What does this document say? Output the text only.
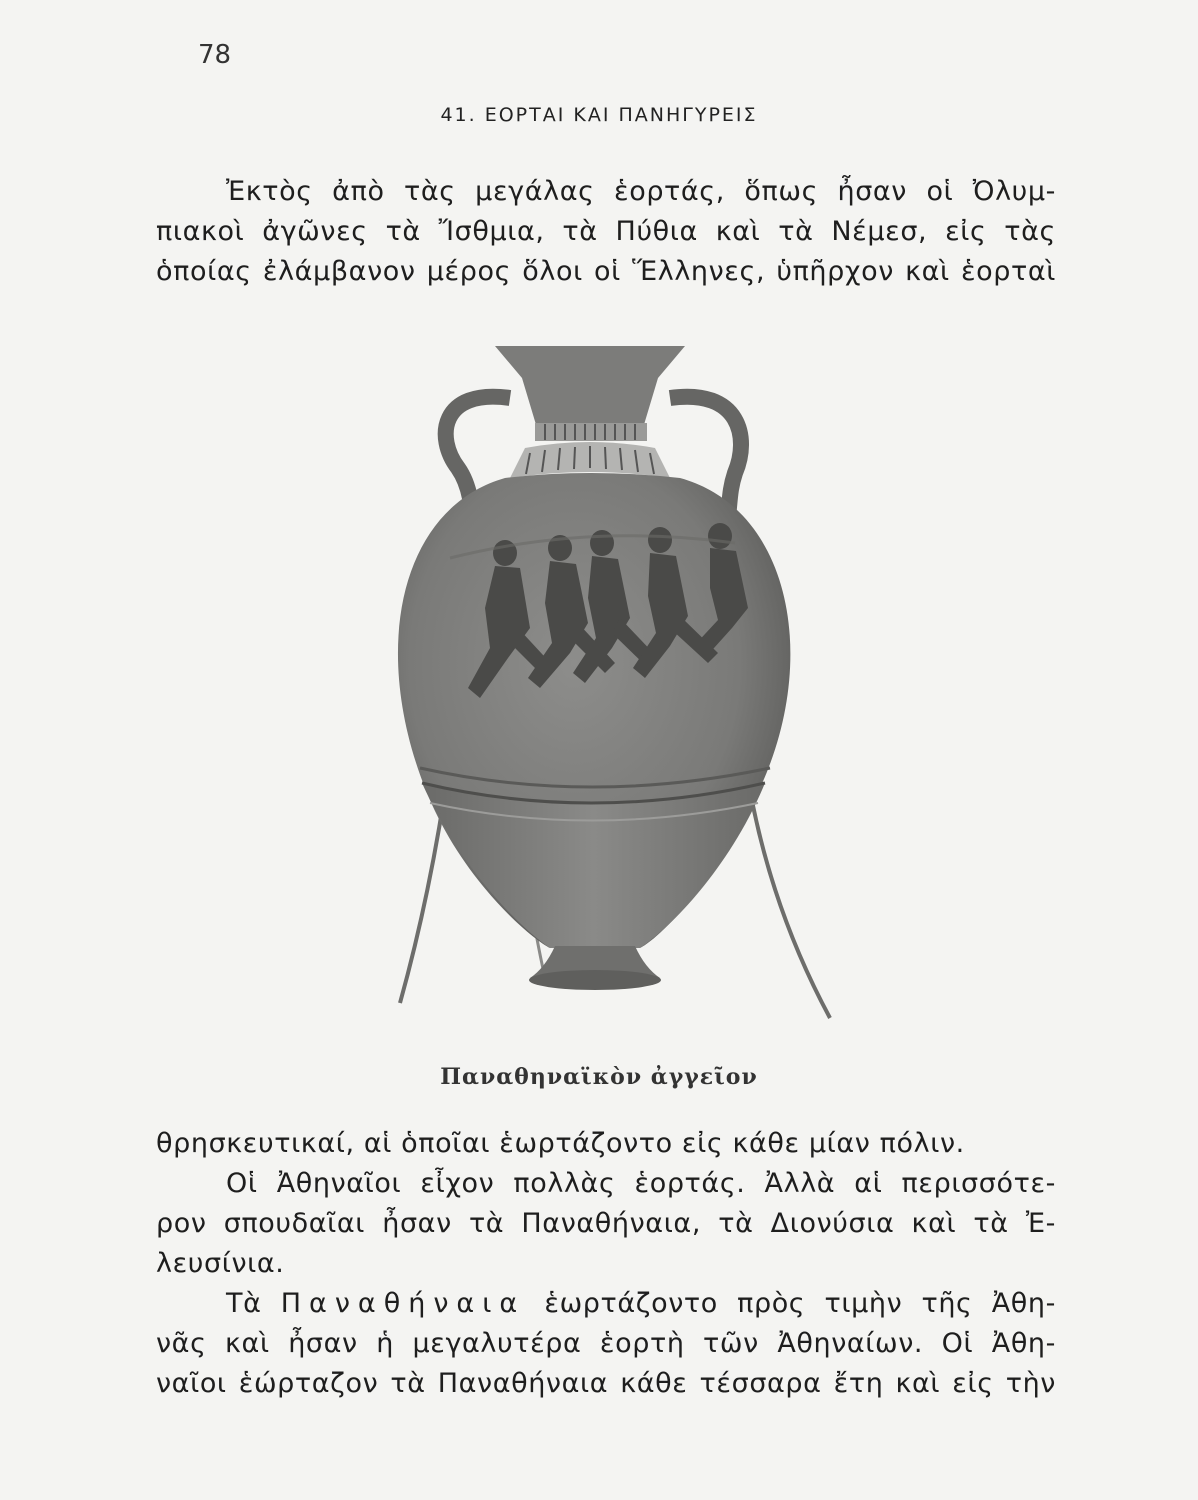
78
41. ΕΟΡΤΑΙ ΚΑΙ ΠΑΝΗΓΥΡΕΙΣ
Ἐκτὸς ἀπὸ τὰς μεγάλας ἑορτάς, ὅπως ἦσαν οἱ Ὀλυμ-
πιακοὶ ἀγῶνες τὰ Ἴσθμια, τὰ Πύθια καὶ τὰ Νέμεσ, εἰς τὰς
ὁποίας ἐλάμβανον μέρος ὅλοι οἱ Ἕλληνες, ὑπῆρχον καὶ ἑορταὶ
Παναθηναϊκὸν ἀγγεῖον
θρησκευτικαί, αἱ ὁποῖαι ἑωρτάζοντο εἰς κάθε μίαν πόλιν.
Οἱ Ἀθηναῖοι εἶχον πολλὰς ἑορτάς. Ἀλλὰ αἱ περισσότε-
ρον σπουδαῖαι ἦσαν τὰ Παναθήναια, τὰ Διονύσια καὶ τὰ Ἐ-
λευσίνια.
Τὰ Παναθήναια ἑωρτάζοντο πρὸς τιμὴν τῆς Ἀθη-
νᾶς καὶ ἦσαν ἡ μεγαλυτέρα ἑορτὴ τῶν Ἀθηναίων. Οἱ Ἀθη-
ναῖοι ἑώρταζον τὰ Παναθήναια κάθε τέσσαρα ἔτη καὶ εἰς τὴν
